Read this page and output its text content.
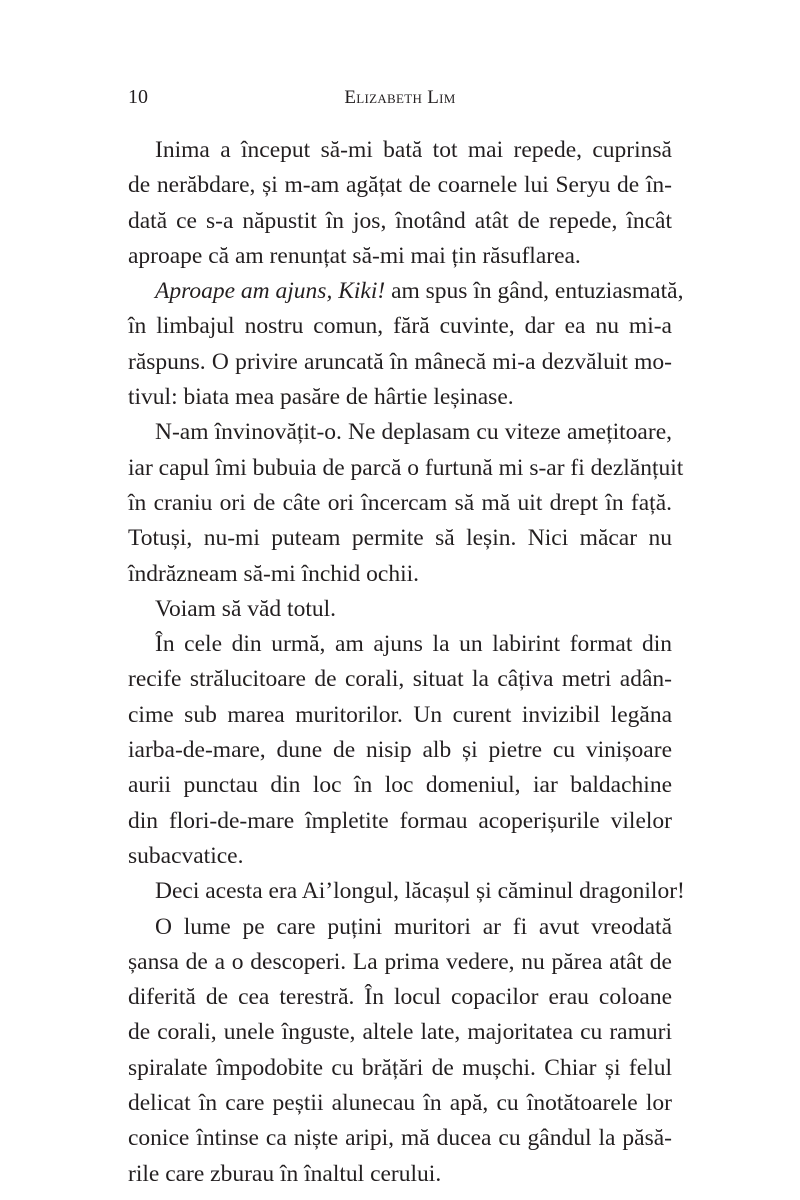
10	Elizabeth Lim
Inima a început să-mi bată tot mai repede, cuprinsă
de nerăbdare, și m-am agățat de coarnele lui Seryu de în-
dată ce s-a năpustit în jos, înotând atât de repede, încât
aproape că am renunțat să-mi mai țin răsuflarea.
Aproape am ajuns, Kiki! am spus în gând, entuziasmată,
în limbajul nostru comun, fără cuvinte, dar ea nu mi-a
răspuns. O privire aruncată în mânecă mi-a dezvăluit mo-
tivul: biata mea pasăre de hârtie leșinase.
N-am învinovățit-o. Ne deplasam cu viteze amețitoare,
iar capul îmi bubuia de parcă o furtună mi s-ar fi dezlănțuit
în craniu ori de câte ori încercam să mă uit drept în față.
Totuși, nu-mi puteam permite să leșin. Nici măcar nu
îndrăzneam să-mi închid ochii.
Voiam să văd totul.
În cele din urmă, am ajuns la un labirint format din
recife strălucitoare de corali, situat la câțiva metri adân-
cime sub marea muritorilor. Un curent invizibil legăna
iarba-de-mare, dune de nisip alb și pietre cu vinișoare
aurii punctau din loc în loc domeniul, iar baldachine
din flori-de-mare împletite formau acoperișurile vilelor
subacvatice.
Deci acesta era Ai’longul, lăcașul și căminul dragonilor!
O lume pe care puțini muritori ar fi avut vreodată
șansa de a o descoperi. La prima vedere, nu părea atât de
diferită de cea terestră. În locul copacilor erau coloane
de corali, unele înguste, altele late, majoritatea cu ramuri
spiralate împodobite cu brățări de mușchi. Chiar și felul
delicat în care peștii alunecau în apă, cu înotătoarele lor
conice întinse ca niște aripi, mă ducea cu gândul la păsă-
rile care zburau în înaltul cerului.
